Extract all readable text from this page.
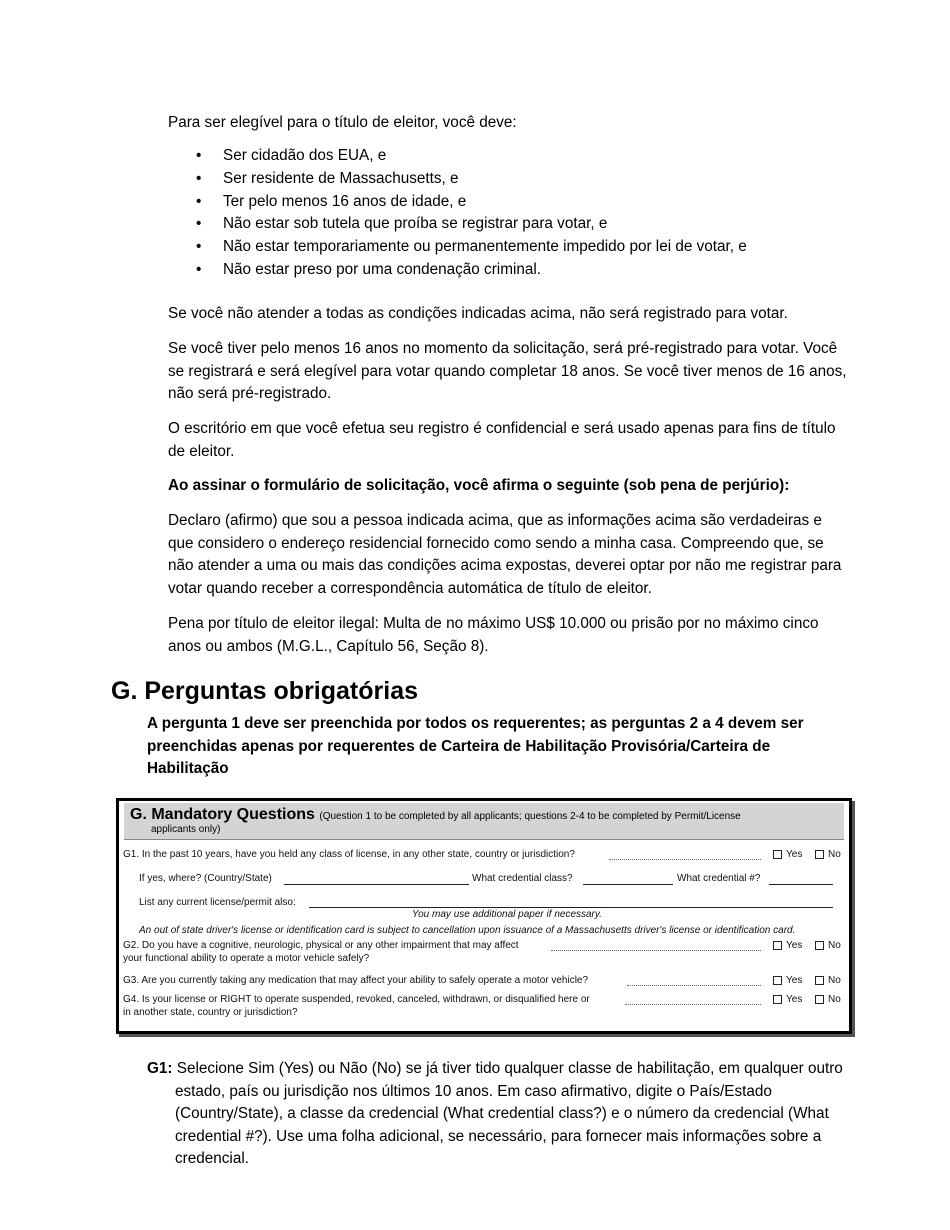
Para ser elegível para o título de eleitor, você deve:

• Ser cidadão dos EUA, e
• Ser residente de Massachusetts, e
• Ter pelo menos 16 anos de idade, e
• Não estar sob tutela que proíba se registrar para votar, e
• Não estar temporariamente ou permanentemente impedido por lei de votar, e
• Não estar preso por uma condenação criminal.

Se você não atender a todas as condições indicadas acima, não será registrado para votar.

Se você tiver pelo menos 16 anos no momento da solicitação, será pré-registrado para votar. Você se registrará e será elegível para votar quando completar 18 anos. Se você tiver menos de 16 anos, não será pré-registrado.

O escritório em que você efetua seu registro é confidencial e será usado apenas para fins de título de eleitor.

Ao assinar o formulário de solicitação, você afirma o seguinte (sob pena de perjúrio):

Declaro (afirmo) que sou a pessoa indicada acima, que as informações acima são verdadeiras e que considero o endereço residencial fornecido como sendo a minha casa. Compreendo que, se não atender a uma ou mais das condições acima expostas, deverei optar por não me registrar para votar quando receber a correspondência automática de título de eleitor.

Pena por título de eleitor ilegal: Multa de no máximo US$ 10.000 ou prisão por no máximo cinco anos ou ambos (M.G.L., Capítulo 56, Seção 8).

G. Perguntas obrigatórias

A pergunta 1 deve ser preenchida por todos os requerentes; as perguntas 2 a 4 devem ser preenchidas apenas por requerentes de Carteira de Habilitação Provisória/Carteira de Habilitação

G. Mandatory Questions (Question 1 to be completed by all applicants; questions 2-4 to be completed by Permit/License
applicants only)
G1. In the past 10 years, have you held any class of license, in any other state, country or jurisdiction?	Yes	No
If yes, where? (Country/State)	What credential class?	What credential #?
List any current license/permit also:
You may use additional paper if necessary.
An out of state driver's license or identification card is subject to cancellation upon issuance of a Massachusetts driver's license or identification card.
G2. Do you have a cognitive, neurologic, physical or any other impairment that may affect
your functional ability to operate a motor vehicle safely?
Yes	No
G3. Are you currently taking any medication that may affect your ability to safely operate a motor vehicle?	Yes	No
G4. Is your license or RIGHT to operate suspended, revoked, canceled, withdrawn, or disqualified here or
in another state, country or jurisdiction?
Yes	No

G1: Selecione Sim (Yes) ou Não (No) se já tiver tido qualquer classe de habilitação, em qualquer outro estado, país ou jurisdição nos últimos 10 anos. Em caso afirmativo, digite o País/Estado (Country/State), a classe da credencial (What credential class?) e o número da credencial (What credential #?). Use uma folha adicional, se necessário, para fornecer mais informações sobre a credencial.
